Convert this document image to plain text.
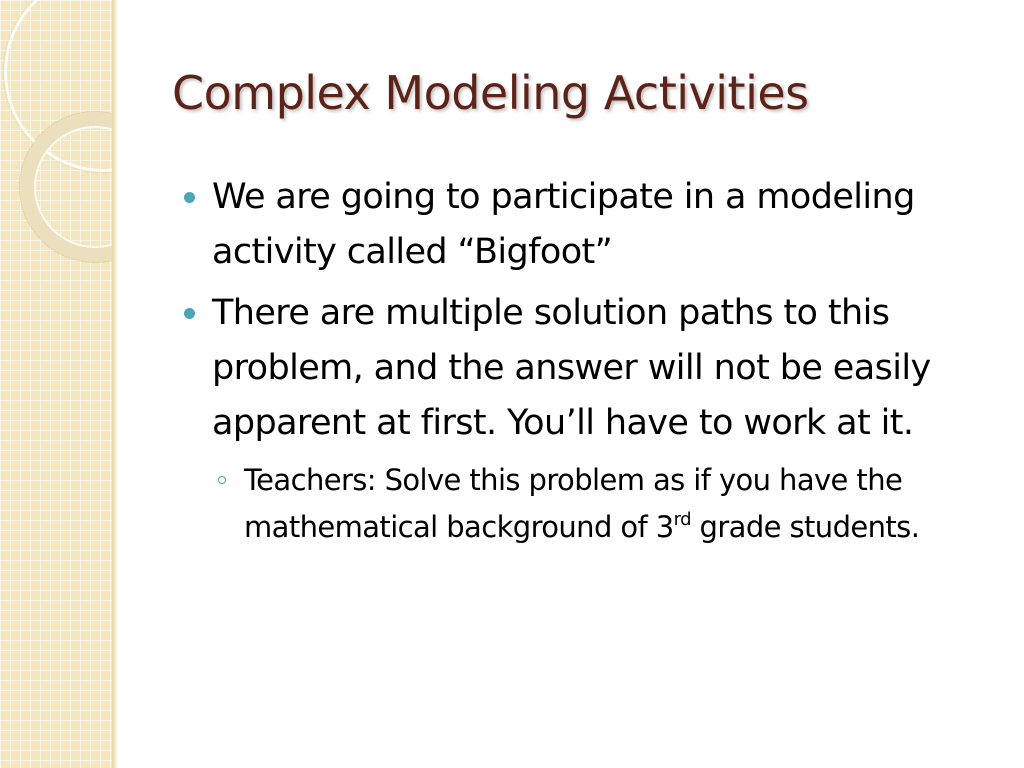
Complex Modeling Activities
We are going to participate in a modeling activity called “Bigfoot”
There are multiple solution paths to this problem, and the answer will not be easily apparent at first. You’ll have to work at it.
Teachers: Solve this problem as if you have the mathematical background of 3rd grade students.
